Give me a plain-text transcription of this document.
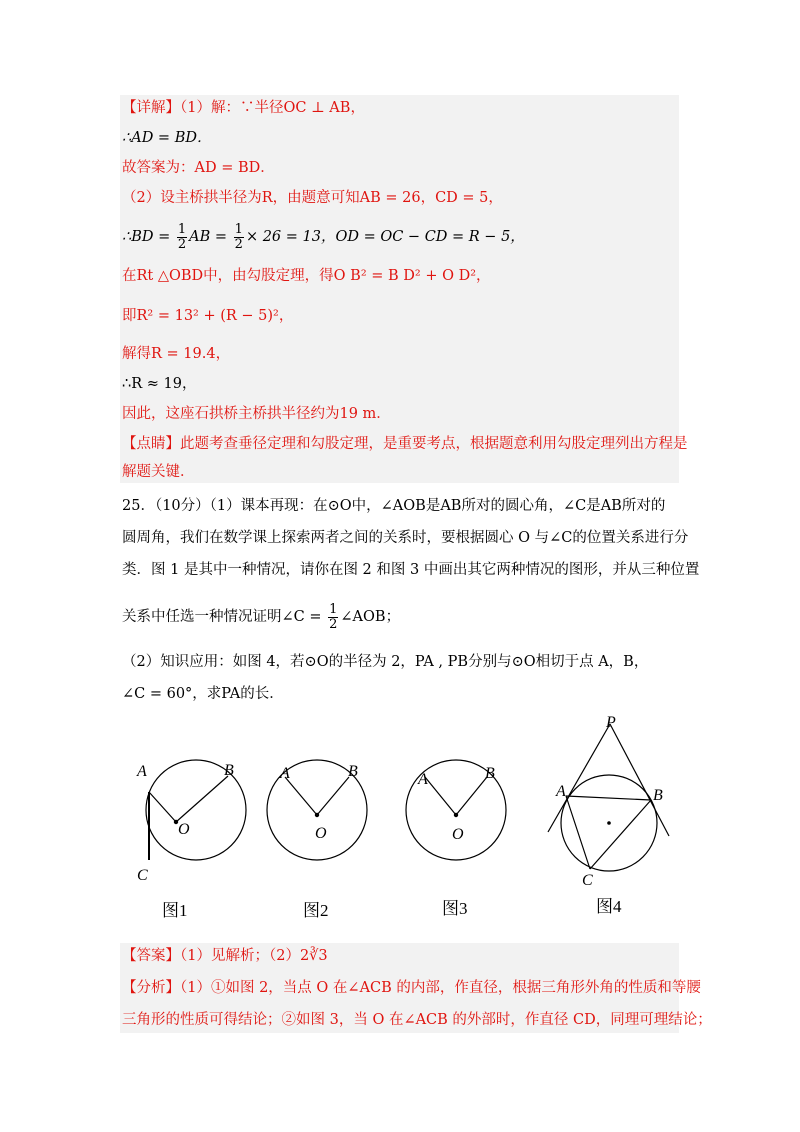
【详解】（1）解：∵半径OC ⊥ AB，
∴AD = BD．
故答案为：AD = BD．
（2）设主桥拱半径为R，由题意可知AB = 26，CD = 5，
∴BD = $\frac{1}{2}$ AB = $\frac{1}{2} \times 26 = 13$，OD = OC − CD = R − 5，
在Rt △OBD中，由勾股定理，得O B² = B D² + O D²，
即R² = 13² + (R − 5)²，
解得R = 19.4，
∴R ≈ 19，
因此，这座石拱桥主桥拱半径约为19 m．
【点睛】此题考查垂径定理和勾股定理，是重要考点，根据题意利用勾股定理列出方程是
解题关键．
25．（10分）（1）课本再现：在⊙O中，∠AOB是AB所对的圆心角，∠C是AB所对的
圆周角，我们在数学课上探索两者之间的关系时，要根据圆心 O 与∠C的位置关系进行分
类．图 1 是其中一种情况，请你在图 2 和图 3 中画出其它两种情况的图形，并从三种位置
关系中任选一种情况证明∠C = $\frac{1}{2}$ ∠AOB；
（2）知识应用：如图 4，若⊙O的半径为 2，PA , PB分别与⊙O相切于点 A，B，
∠C = 60°，求PA的长．
A	B
O
C
A	B
O
A	B
O
P
A	B
C
图1	图2	图3	图4
【答案】（1）见解析；（2）2∛3
【分析】（1）①如图 2，当点 O 在∠ACB 的内部，作直径，根据三角形外角的性质和等腰
三角形的性质可得结论；②如图 3，当 O 在∠ACB 的外部时，作直径 CD，同理可理结论；
